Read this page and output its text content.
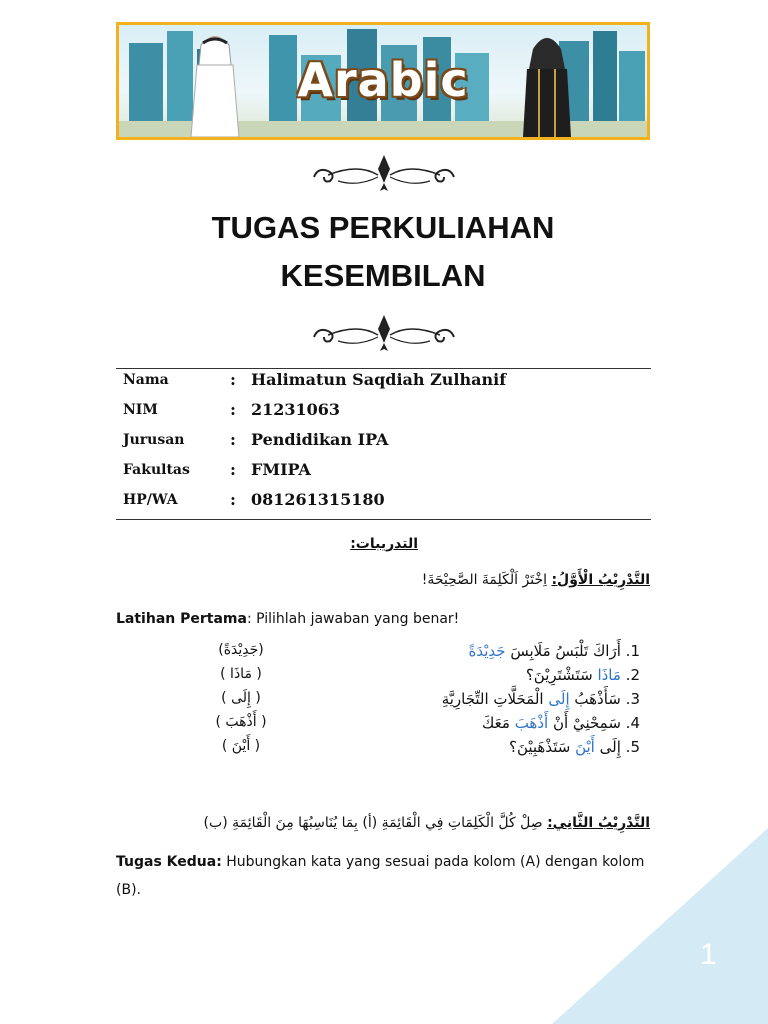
Arabic
TUGAS PERKULIAHAN
KESEMBILAN
Nama	: Halimatun Saqdiah Zulhanif
NIM	: 21231063
Jurusan	: Pendidikan IPA
Fakultas	: FMIPA
HP/WA	: 081261315180
التدريبات:
التَّدْرِيْبُ الْأَوَّلُ: اِخْتَرْ اَلْكَلِمَةَ الصَّحِيْحَةَ!
Latihan Pertama: Pilihlah jawaban yang benar!
1. أَرَاكَ تَلْبَسُ مَلَابِسَ جَدِيْدَةً
(جَدِيْدَةً)
2. مَاذَا سَتَشْتَرِيْنَ؟
( مَاذَا )
3. سَأَذْهَبُ إِلَى الْمَحَلَّاتِ التِّجَارِيَّةِ
( إِلَى )
4. سَمِحْنِيْ أَنْ أَذْهَبَ مَعَكَ
( أَذْهَبَ )
5. إِلَى أَيْنَ سَتَذْهَبِيْنَ؟
( أَيْنَ )
التَّدْرِيْبُ الثَّانِي: صِلْ كُلَّ الْكَلِمَاتِ فِي الْقَائِمَةِ (أ) بِمَا يُنَاسِبُهَا مِنَ الْقَائِمَةِ (ب)
Tugas Kedua: Hubungkan kata yang sesuai pada kolom (A) dengan kolom (B).
1
